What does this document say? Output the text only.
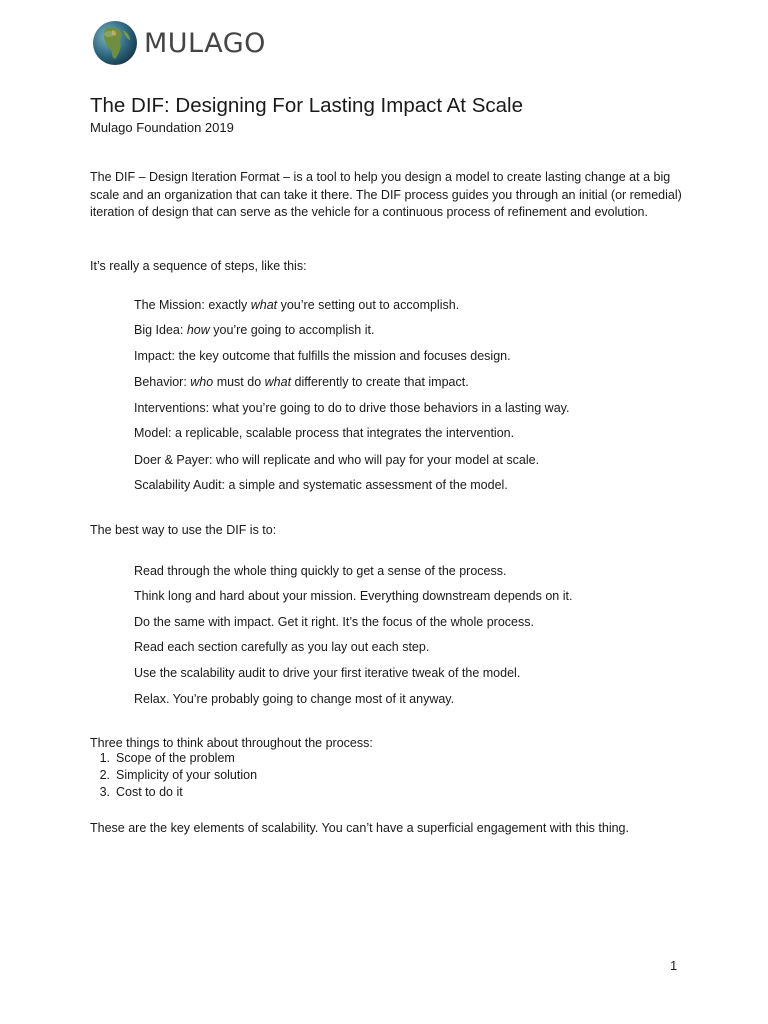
MULAGO
The DIF: Designing For Lasting Impact At Scale
Mulago Foundation 2019

The DIF – Design Iteration Format – is a tool to help you design a model to create lasting change at a big scale and an organization that can take it there. The DIF process guides you through an initial (or remedial) iteration of design that can serve as the vehicle for a continuous process of refinement and evolution.

It’s really a sequence of steps, like this:

The Mission: exactly what you’re setting out to accomplish.

Big Idea: how you’re going to accomplish it.

Impact: the key outcome that fulfills the mission and focuses design.

Behavior: who must do what differently to create that impact.

Interventions: what you’re going to do to drive those behaviors in a lasting way.

Model: a replicable, scalable process that integrates the intervention.

Doer & Payer: who will replicate and who will pay for your model at scale.

Scalability Audit: a simple and systematic assessment of the model.

The best way to use the DIF is to:

Read through the whole thing quickly to get a sense of the process.

Think long and hard about your mission. Everything downstream depends on it.

Do the same with impact. Get it right. It’s the focus of the whole process.

Read each section carefully as you lay out each step.

Use the scalability audit to drive your first iterative tweak of the model.

Relax. You’re probably going to change most of it anyway.

Three things to think about throughout the process:

1. Scope of the problem
2. Simplicity of your solution
3. Cost to do it

These are the key elements of scalability. You can’t have a superficial engagement with this thing.

1
